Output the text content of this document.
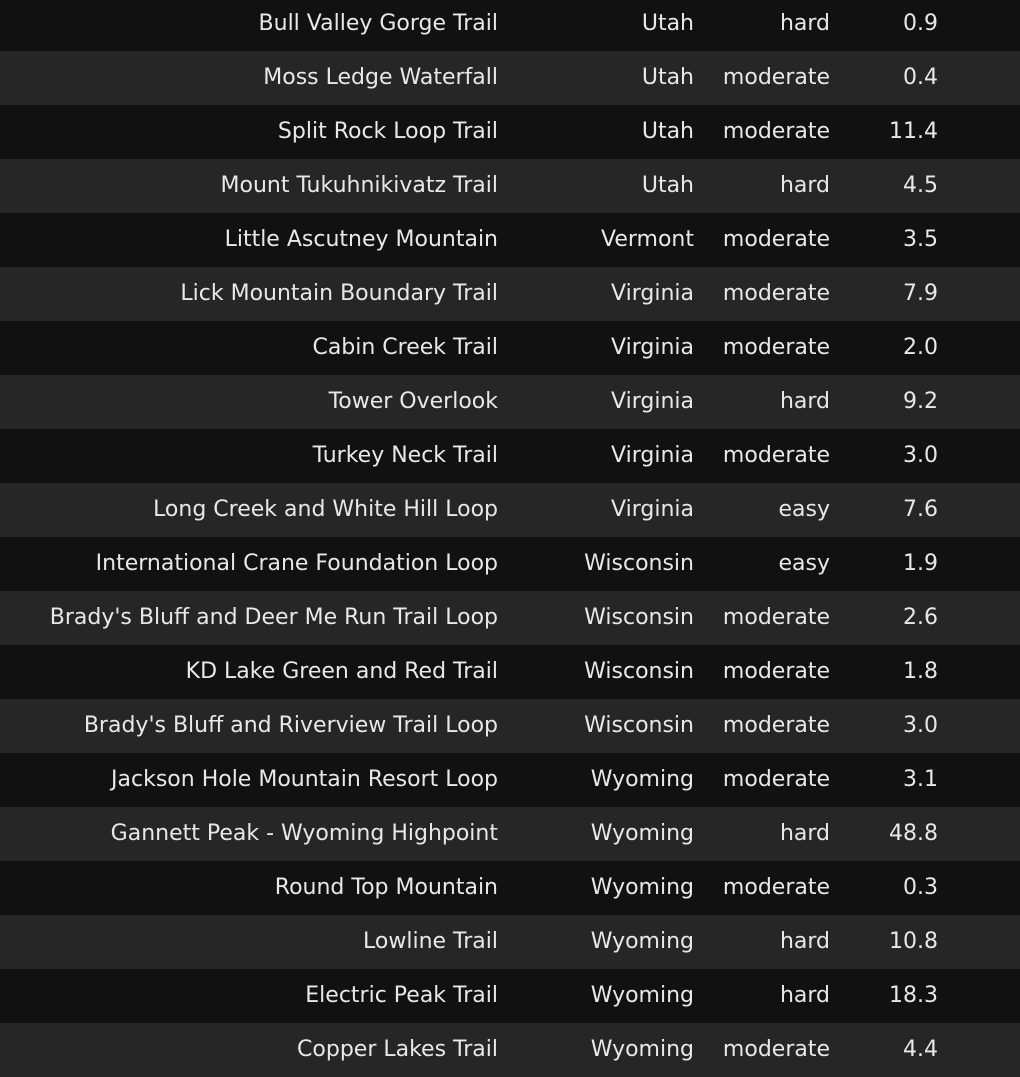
Bull Valley Gorge Trail	Utah	hard	0.9
Moss Ledge Waterfall	Utah moderate	0.4
Split Rock Loop Trail	Utah moderate	11.4
Mount Tukuhnikivatz Trail	Utah	hard	4.5
Little Ascutney Mountain	Vermont moderate	3.5
Lick Mountain Boundary Trail	Virginia moderate	7.9
Cabin Creek Trail	Virginia moderate	2.0
Tower Overlook	Virginia	hard	9.2
Turkey Neck Trail	Virginia moderate	3.0
Long Creek and White Hill Loop	Virginia	easy	7.6
International Crane Foundation Loop	Wisconsin	easy	1.9
Brady's Bluff and Deer Me Run Trail Loop	Wisconsin moderate	2.6
KD Lake Green and Red Trail	Wisconsin moderate	1.8
Brady's Bluff and Riverview Trail Loop	Wisconsin moderate	3.0
Jackson Hole Mountain Resort Loop	Wyoming moderate	3.1
Gannett Peak - Wyoming Highpoint	Wyoming	hard	48.8
Round Top Mountain	Wyoming moderate	0.3
Lowline Trail	Wyoming	hard	10.8
Electric Peak Trail	Wyoming	hard	18.3
Copper Lakes Trail	Wyoming moderate	4.4
